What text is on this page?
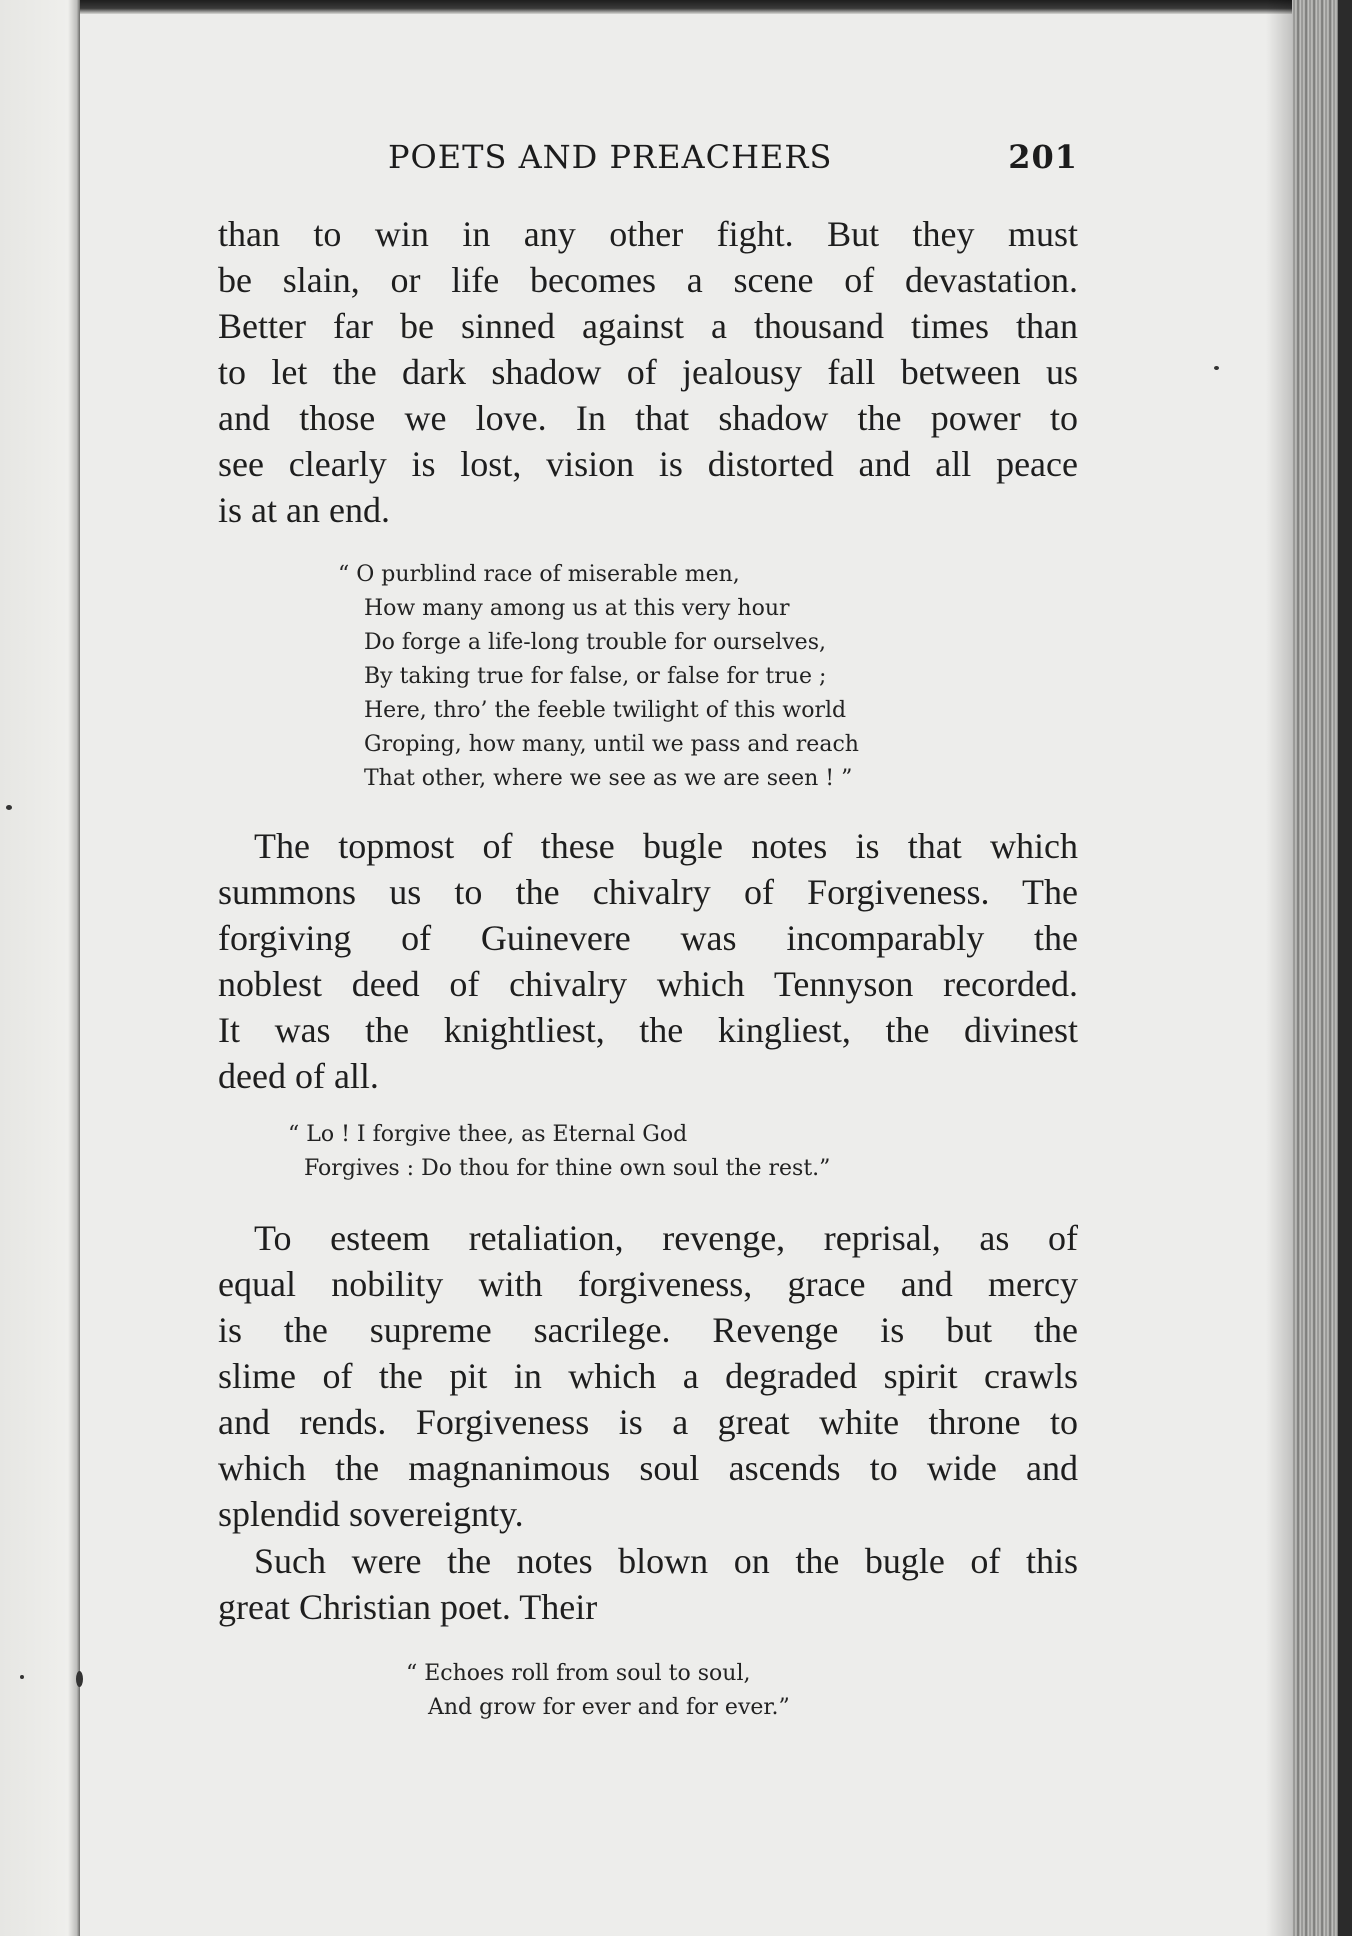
POETS AND PREACHERS	201
than to win in any other fight. But they must
be slain, or life becomes a scene of devastation.
Better far be sinned against a thousand times than
to let the dark shadow of jealousy fall between us
and those we love. In that shadow the power to
see clearly is lost, vision is distorted and all peace
is at an end.
“ O purblind race of miserable men,
How many among us at this very hour
Do forge a life-long trouble for ourselves,
By taking true for false, or false for true ;
Here, thro’ the feeble twilight of this world
Groping, how many, until we pass and reach
That other, where we see as we are seen ! ”
The topmost of these bugle notes is that which
summons us to the chivalry of Forgiveness. The
forgiving of Guinevere was incomparably the
noblest deed of chivalry which Tennyson recorded.
It was the knightliest, the kingliest, the divinest
deed of all.
“ Lo ! I forgive thee, as Eternal God
Forgives : Do thou for thine own soul the rest.”
To esteem retaliation, revenge, reprisal, as of
equal nobility with forgiveness, grace and mercy
is the supreme sacrilege. Revenge is but the
slime of the pit in which a degraded spirit crawls
and rends. Forgiveness is a great white throne to
which the magnanimous soul ascends to wide and
splendid sovereignty.
Such were the notes blown on the bugle of this
great Christian poet. Their
“ Echoes roll from soul to soul,
And grow for ever and for ever.”
